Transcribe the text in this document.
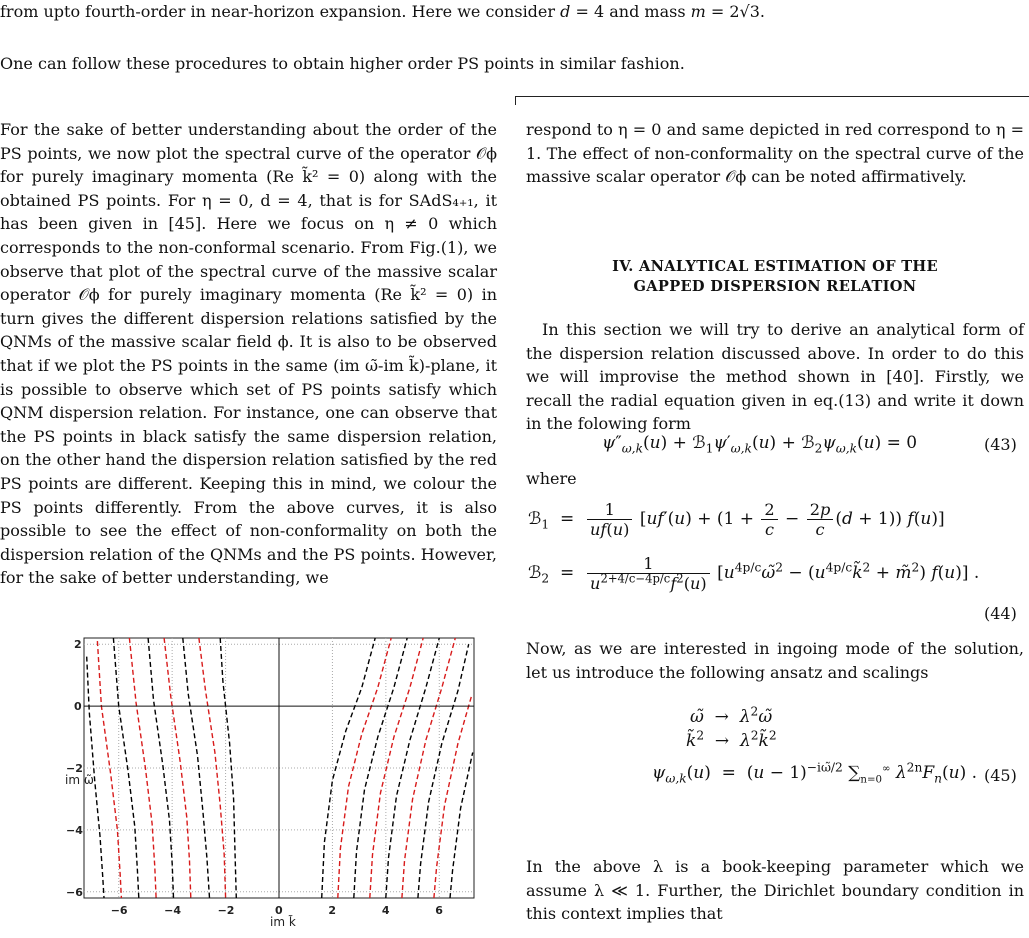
from upto fourth-order in near-horizon expansion. Here we consider d = 4 and mass m = 2√3.
One can follow these procedures to obtain higher order PS points in similar fashion.
For the sake of better understanding about the order of the PS points, we now plot the spectral curve of the operator 𝒪ϕ for purely imaginary momenta (Re k̃² = 0) along with the obtained PS points. For η = 0, d = 4, that is for SAdS₄₊₁, it has been given in [45]. Here we focus on η ≠ 0 which corresponds to the non-conformal scenario. From Fig.(1), we observe that plot of the spectral curve of the massive scalar operator 𝒪ϕ for purely imaginary momenta (Re k̃² = 0) in turn gives the different dispersion relations satisfied by the QNMs of the massive scalar field ϕ. It is also to be observed that if we plot the PS points in the same (im ω̃-im k̃)-plane, it is possible to observe which set of PS points satisfy which QNM dispersion relation. For instance, one can observe that the PS points in black satisfy the same dispersion relation, on the other hand the dispersion relation satisfied by the red PS points are different. Keeping this in mind, we colour the PS points differently. From the above curves, it is also possible to see the effect of non-conformality on both the dispersion relation of the QNMs and the PS points. However, for the sake of better understanding, we
−6	−4	−2	0	2	4	6
2
0
−2
−4
−6
im ω̃
im k̃
respond to η = 0 and same depicted in red correspond to η = 1. The effect of non-conformality on the spectral curve of the massive scalar operator 𝒪ϕ can be noted affirmatively.
IV. ANALYTICAL ESTIMATION OF THE
GAPPED DISPERSION RELATION
In this section we will try to derive an analytical form of the dispersion relation discussed above. In order to do this we will improvise the method shown in [40]. Firstly, we recall the radial equation given in eq.(13) and write it down in the folowing form
$\psi''_{\omega,k}(u)$ + $ℬ_1\psi'_{\omega,k}(u)$ + $ℬ_2\psi_{\omega,k}(u) = 0$	(43)
where
ℬ$_1$  = $\frac{1}{uf(u)} [uf'(u) + (1 + \frac{2}{c} - \frac{2p}{c} (d + 1))$ f(u)]
ℬ$_2$  = $\frac{1}{u^{2+4/c-4p/c}f^2(u)}$ [$u^{4p/c}\omegã^2$ − ($u^{4p/c}k̃^2$ + m̃$^2$) f(u)] .
(44)
Now, as we are interested in ingoing mode of the solution, let us introduce the following ansatz and scalings
ω̃  →  $\lambda^2\omegã$
k̃$^2$  →  $\lambda^2k̃^2$
$\psi_{\omega,k}(u) = (u - 1)^{-i\omegã/2}$ $\sum_{n=0}^\infty$ $\lambda^{2n}F_n(u)$ . (45)
In the above λ is a book-keeping parameter which we assume λ ≪ 1. Further, the Dirichlet boundary condition in this context implies that
